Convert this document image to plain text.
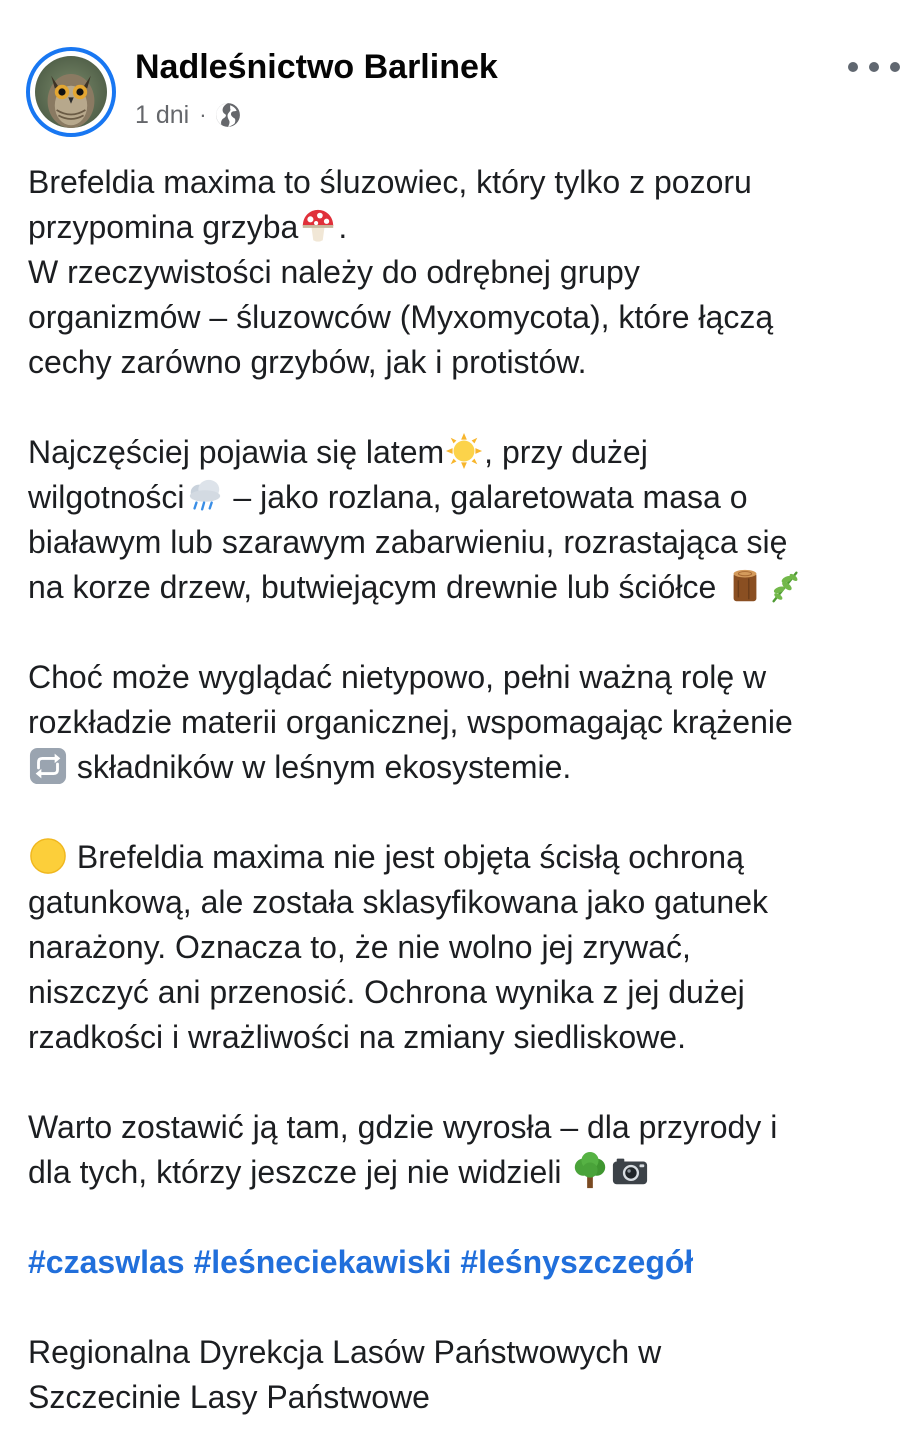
Nadleśnictwo Barlinek
1 dni ·
Brefeldia maxima to śluzowiec, który tylko z pozoru
przypomina grzyba .
W rzeczywistości należy do odrębnej grupy
organizmów – śluzowców (Myxomycota), które łączą
cechy zarówno grzybów, jak i protistów.
Najczęściej pojawia się latem , przy dużej
wilgotności – jako rozlana, galaretowata masa o
białawym lub szarawym zabarwieniu, rozrastająca się
na korze drzew, butwiejącym drewnie lub ściółce
Choć może wyglądać nietypowo, pełni ważną rolę w
rozkładzie materii organicznej, wspomagając krążenie
składników w leśnym ekosystemie.
Brefeldia maxima nie jest objęta ścisłą ochroną
gatunkową, ale została sklasyfikowana jako gatunek
narażony. Oznacza to, że nie wolno jej zrywać,
niszczyć ani przenosić. Ochrona wynika z jej dużej
rzadkości i wrażliwości na zmiany siedliskowe.
Warto zostawić ją tam, gdzie wyrosła – dla przyrody i
dla tych, którzy jeszcze jej nie widzieli
#czaswlas #leśneciekawiski #leśnyszczegół
Regionalna Dyrekcja Lasów Państwowych w
Szczecinie Lasy Państwowe
